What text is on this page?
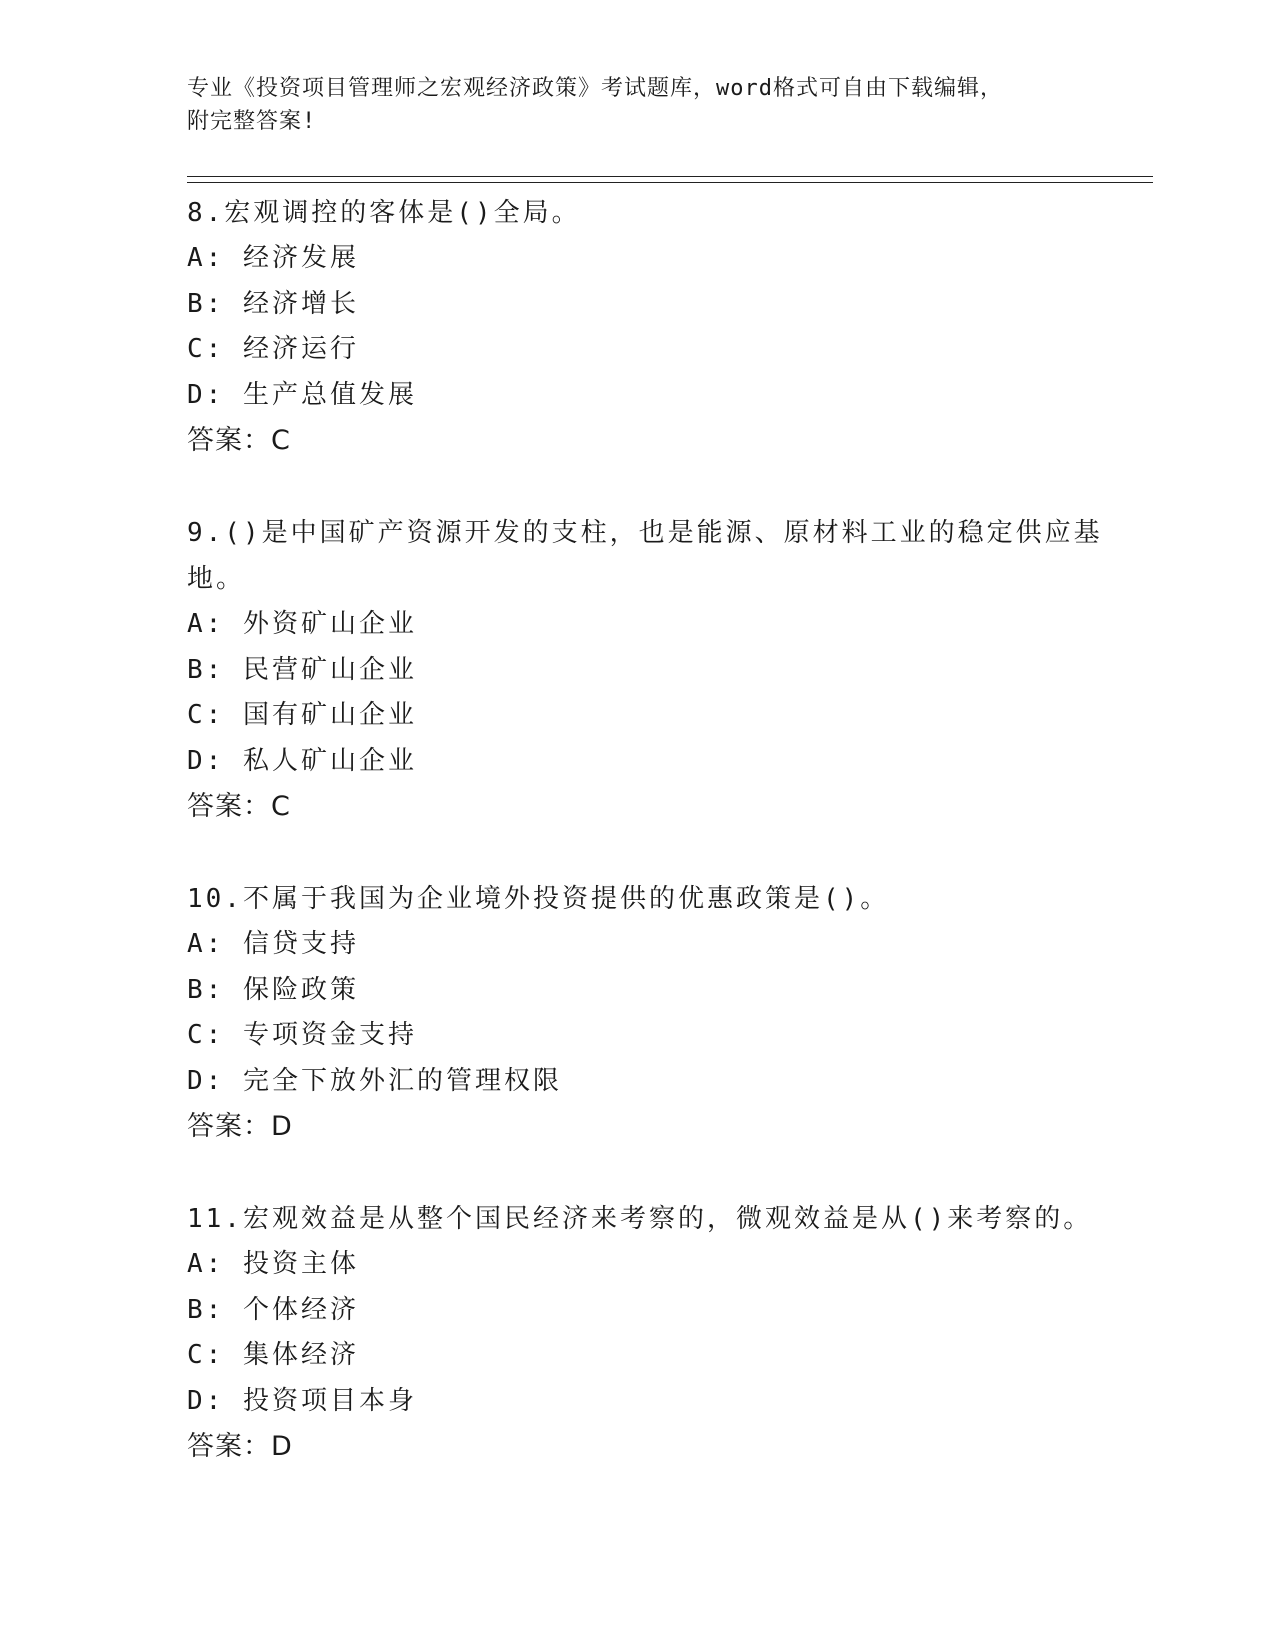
专业《投资项目管理师之宏观经济政策》考试题库，word格式可自由下载编辑，
附完整答案!
8.宏观调控的客体是()全局。
A: 经济发展
B: 经济增长
C: 经济运行
D: 生产总值发展
答案：C
9.()是中国矿产资源开发的支柱，也是能源、原材料工业的稳定供应基地。
A: 外资矿山企业
B: 民营矿山企业
C: 国有矿山企业
D: 私人矿山企业
答案：C
10.不属于我国为企业境外投资提供的优惠政策是()。
A: 信贷支持
B: 保险政策
C: 专项资金支持
D: 完全下放外汇的管理权限
答案：D
11.宏观效益是从整个国民经济来考察的，微观效益是从()来考察的。
A: 投资主体
B: 个体经济
C: 集体经济
D: 投资项目本身
答案：D
